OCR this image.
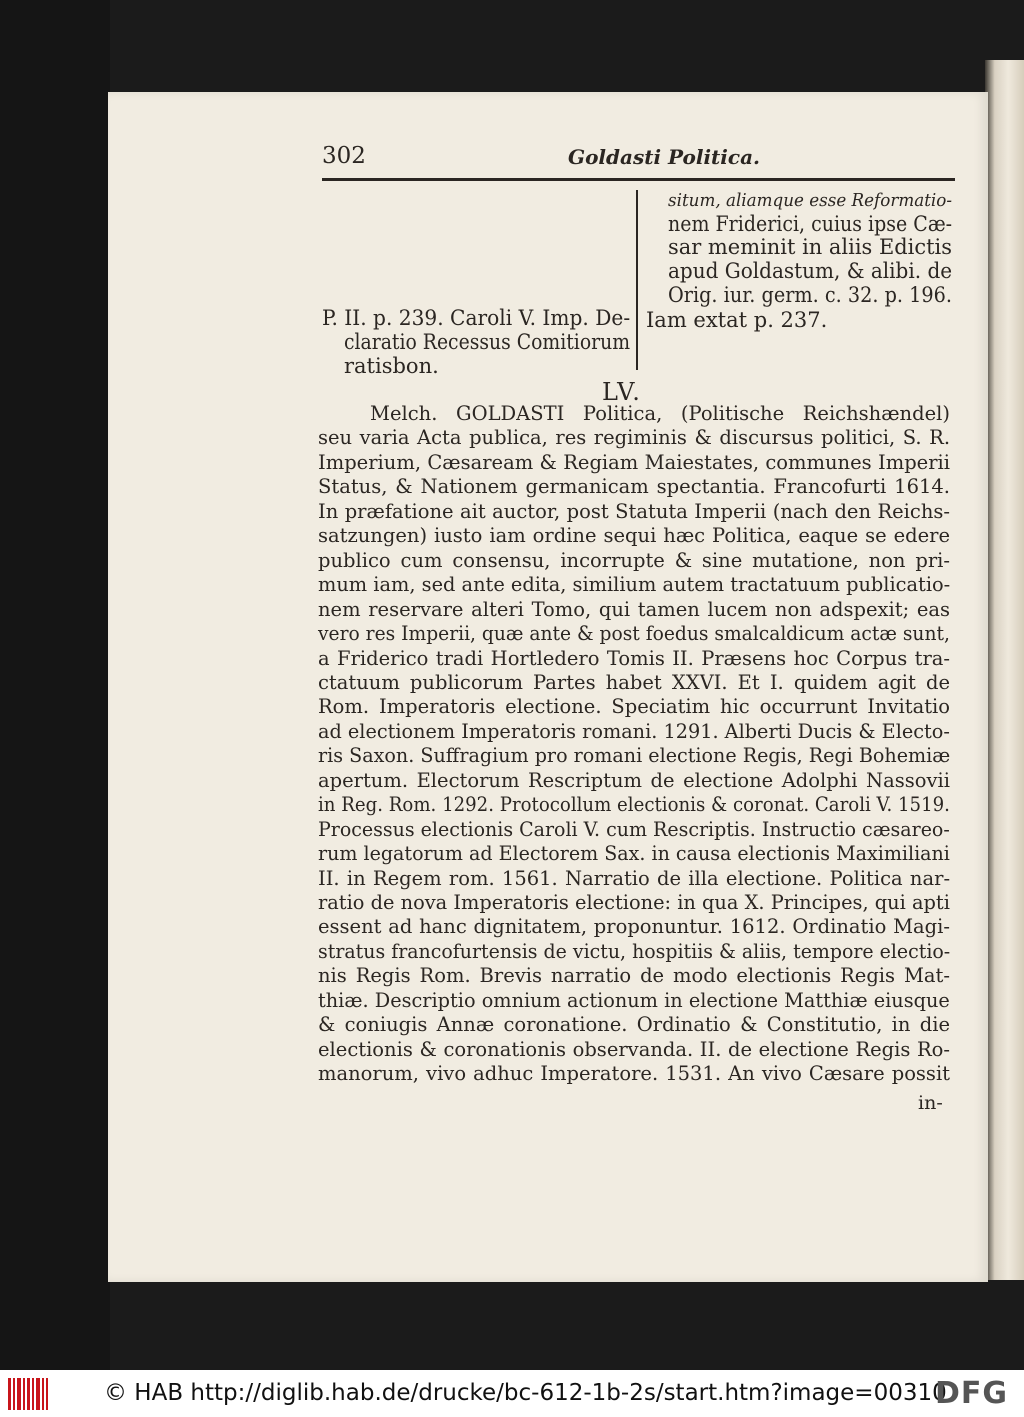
302	Goldasti Politica.
situm, aliamque esse Reformatio-
nem Friderici, cuius ipse Cæ-
sar meminit in aliis Edictis
apud Goldastum, & alibi. de
Orig. iur. germ. c. 32. p. 196.
Iam extat p. 237.
P. II. p. 239. Caroli V. Imp. De-
claratio Recessus Comitiorum
ratisbon.
LV.
Melch. GOLDASTI Politica, (Politische Reichshændel)
seu varia Acta publica, res regiminis & discursus politici, S. R.
Imperium, Cæsaream & Regiam Maiestates, communes Imperii
Status, & Nationem germanicam spectantia. Francofurti 1614.
In præfatione ait auctor, post Statuta Imperii (nach den Reichs-
satzungen) iusto iam ordine sequi hæc Politica, eaque se edere
publico cum consensu, incorrupte & sine mutatione, non pri-
mum iam, sed ante edita, similium autem tractatuum publicatio-
nem reservare alteri Tomo, qui tamen lucem non adspexit; eas
vero res Imperii, quæ ante & post foedus smalcaldicum actæ sunt,
a Friderico tradi Hortledero Tomis II. Præsens hoc Corpus tra-
ctatuum publicorum Partes habet XXVI. Et I. quidem agit de
Rom. Imperatoris electione. Speciatim hic occurrunt Invitatio
ad electionem Imperatoris romani. 1291. Alberti Ducis & Electo-
ris Saxon. Suffragium pro romani electione Regis, Regi Bohemiæ
apertum. Electorum Rescriptum de electione Adolphi Nassovii
in Reg. Rom. 1292. Protocollum electionis & coronat. Caroli V. 1519.
Processus electionis Caroli V. cum Rescriptis. Instructio cæsareo-
rum legatorum ad Electorem Sax. in causa electionis Maximiliani
II. in Regem rom. 1561. Narratio de illa electione. Politica nar-
ratio de nova Imperatoris electione: in qua X. Principes, qui apti
essent ad hanc dignitatem, proponuntur. 1612. Ordinatio Magi-
stratus francofurtensis de victu, hospitiis & aliis, tempore electio-
nis Regis Rom. Brevis narratio de modo electionis Regis Mat-
thiæ. Descriptio omnium actionum in electione Matthiæ eiusque
& coniugis Annæ coronatione. Ordinatio & Constitutio, in die
electionis & coronationis observanda. II. de electione Regis Ro-
manorum, vivo adhuc Imperatore. 1531. An vivo Cæsare possit
in-
© HAB http://diglib.hab.de/drucke/bc-612-1b-2s/start.htm?image=00310
DFG
